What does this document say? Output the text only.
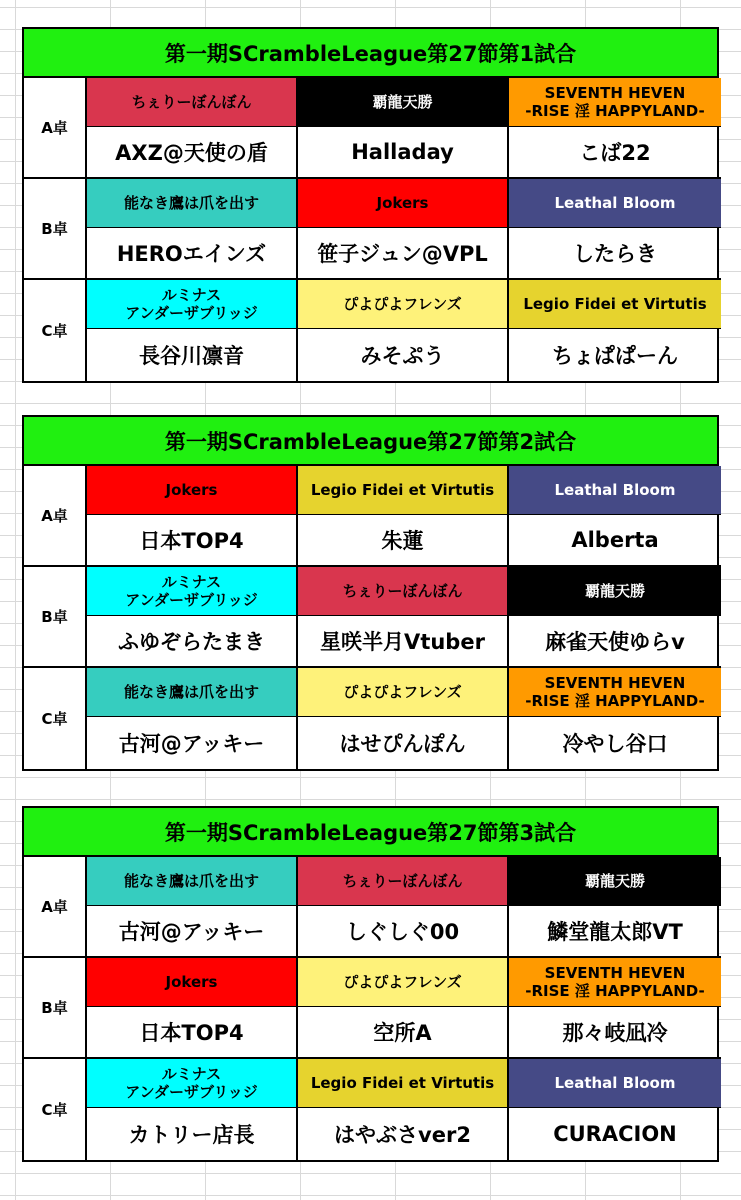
第一期SCrambleLeague第27節第1試合
A卓
ちぇりーぼんぼん	覇龍天勝	SEVENTH HEVEN
-RISE 淫 HAPPYLAND-
AXZ@天使の盾	Halladay	こば22
B卓
能なき鷹は爪を出す	Jokers	Leathal Bloom
HEROエインズ	笹子ジュン@VPL	したらき
C卓
ルミナス
アンダーザブリッジ	ぴよぴよフレンズ	Legio Fidei et Virtutis
長谷川凛音	みそぷう	ちょぱぱーん
第一期SCrambleLeague第27節第2試合
A卓
Jokers	Legio Fidei et Virtutis	Leathal Bloom
日本TOP4	朱蓮	Alberta
B卓
ルミナス
アンダーザブリッジ	ちぇりーぼんぼん	覇龍天勝
ふゆぞらたまき	星咲半月Vtuber	麻雀天使ゆらv
C卓
能なき鷹は爪を出す	ぴよぴよフレンズ	SEVENTH HEVEN
-RISE 淫 HAPPYLAND-
古河@アッキー	はせぴんぽん	冷やし谷口
第一期SCrambleLeague第27節第3試合
A卓
能なき鷹は爪を出す	ちぇりーぼんぼん	覇龍天勝
古河@アッキー	しぐしぐ00	鱗堂龍太郎VT
B卓
Jokers	ぴよぴよフレンズ	SEVENTH HEVEN
-RISE 淫 HAPPYLAND-
日本TOP4	空所A	那々岐凪冷
C卓
ルミナス
アンダーザブリッジ	Legio Fidei et Virtutis	Leathal Bloom
カトリー店長	はやぶさver2	CURACION
